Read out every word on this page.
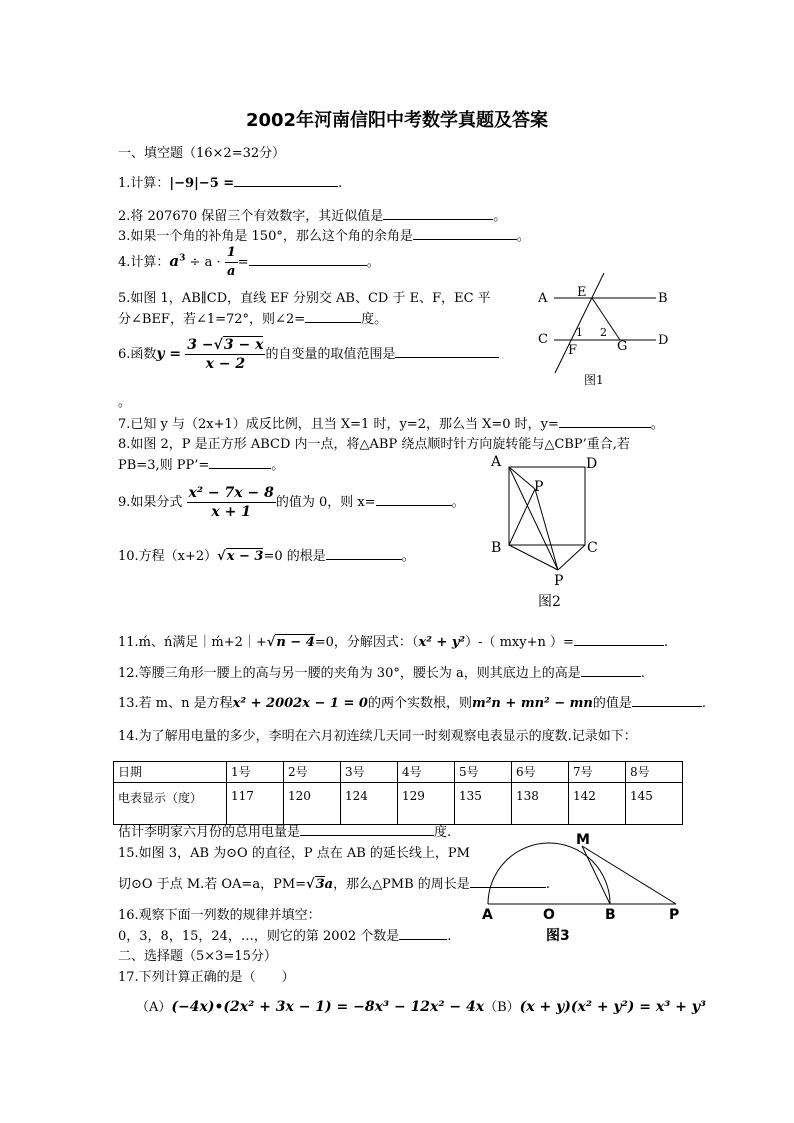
2002年河南信阳中考数学真题及答案
一、填空题（16×2=32分）
1.计算：|−9|−5 =	.
2.将 207670 保留三个有效数字，其近似值是	。
3.如果一个角的补角是 150°，那么这个角的余角是	。
4.计算：$a^3 \div a \cdot \frac{1}{a}$ =	。
5.如图 1，AB∥CD，直线 EF 分别交 AB、CD 于 E、F，EC 平
分∠BEF，若∠1=72°，则∠2=	度。
6.函数$y = \frac{3 -√3 - x}{x - 2}$ 的自变量的取值范围是
。
7.已知 y 与（2x+1）成反比例，且当 X=1 时，y=2，那么当 X=0 时，y=	。
8.如图 2，P 是正方形 ABCD 内一点，将△ABP 绕点顺时针方向旋转能与△CBP’重合,若
PB=3,则 PP’=	。
9.如果分式 $\frac{\text{x² − 7x − 8}}{x + 1}$ 的值为 0，则 x=	。
10.方程（x+2）√x − 3=0 的根是	。
11.ḿ、ń满足｜ḿ+2｜+√n − 4=0，分解因式：（x² + y²）-（ mxy+n ）=	.
12.等腰三角形一腰上的高与另一腰的夹角为 30°，腰长为 a，则其底边上的高是	.
13.若 m、n 是方程x² + 2002x − 1 = 0的两个实数根，则m²n + mn² − mn的值是	.
14.为了解用电量的多少，李明在六月初连续几天同一时刻观察电表显示的度数.记录如下：
日期	1号	2号	3号	4号	5号	6号	7号	8号
电表显示（度）	117	120	124	129	135	138	142	145
估计李明家六月份的总用电量是	度.
15.如图 3，AB 为⊙O 的直径，P 点在 AB 的延长线上，PM
切⊙O 于点 M.若 OA=a，PM=√3a，那么△PMB 的周长是	.
16.观察下面一列数的规律并填空：
0，3，8，15，24，…，则它的第 2002 个数是	.
二、选择题（5×3=15分）
17.下列计算正确的是（　　）
（A）(−4x)•(2x² + 3x − 1) = −8x³ − 12x² − 4x（B）(x + y)(x² + y²) = x³ + y³
A	B
C	D
E
F	G
1 2
图1
A	D
B	C
P
P
图2
M
A	O	B	P
图3
